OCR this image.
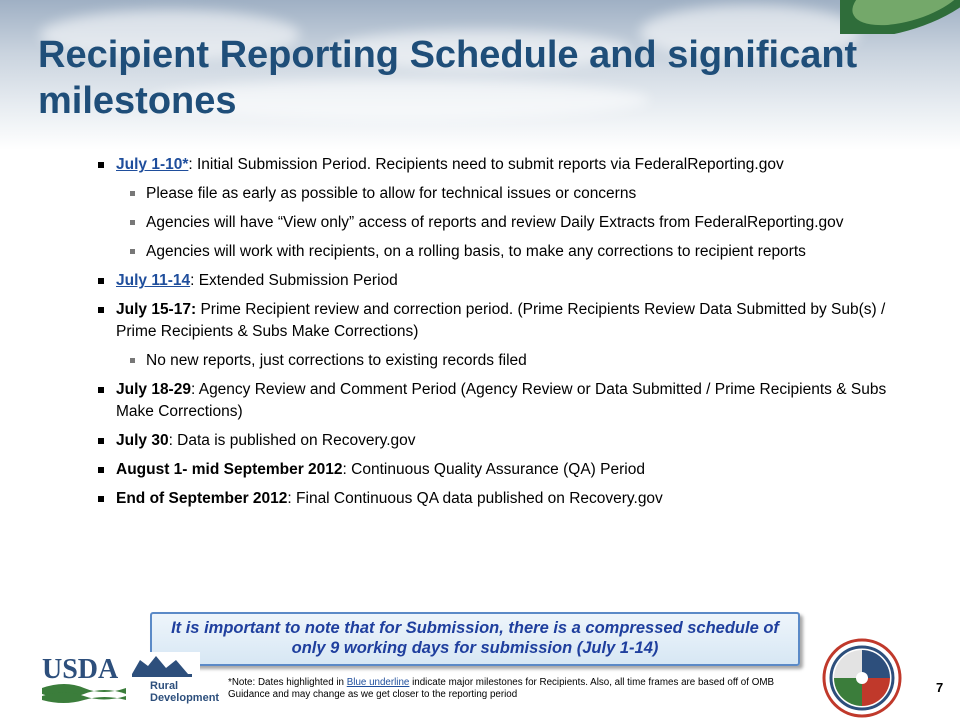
Recipient Reporting Schedule and significant milestones
July 1-10*: Initial Submission Period. Recipients need to submit reports via FederalReporting.gov
Please file as early as possible to allow for technical issues or concerns
Agencies will have “View only” access of reports and review Daily Extracts from FederalReporting.gov
Agencies will work with recipients, on a rolling basis, to make any corrections to recipient reports
July 11-14: Extended Submission Period
July 15-17: Prime Recipient review and correction period. (Prime Recipients Review Data Submitted by Sub(s) / Prime Recipients & Subs Make Corrections)
No new reports, just corrections to existing records filed
July 18-29: Agency Review and Comment Period (Agency Review or Data Submitted / Prime Recipients & Subs Make Corrections)
July 30: Data is published on Recovery.gov
August 1- mid September 2012: Continuous Quality Assurance (QA) Period
End of September 2012: Final Continuous QA data published on Recovery.gov
It is important to note that for Submission, there is a compressed schedule of only 9 working days for submission (July 1-14)
*Note: Dates highlighted in Blue underline indicate major milestones for Recipients. Also, all time frames are based off of OMB Guidance and may change as we get closer to the reporting period	7
USDA
Rural
Development
